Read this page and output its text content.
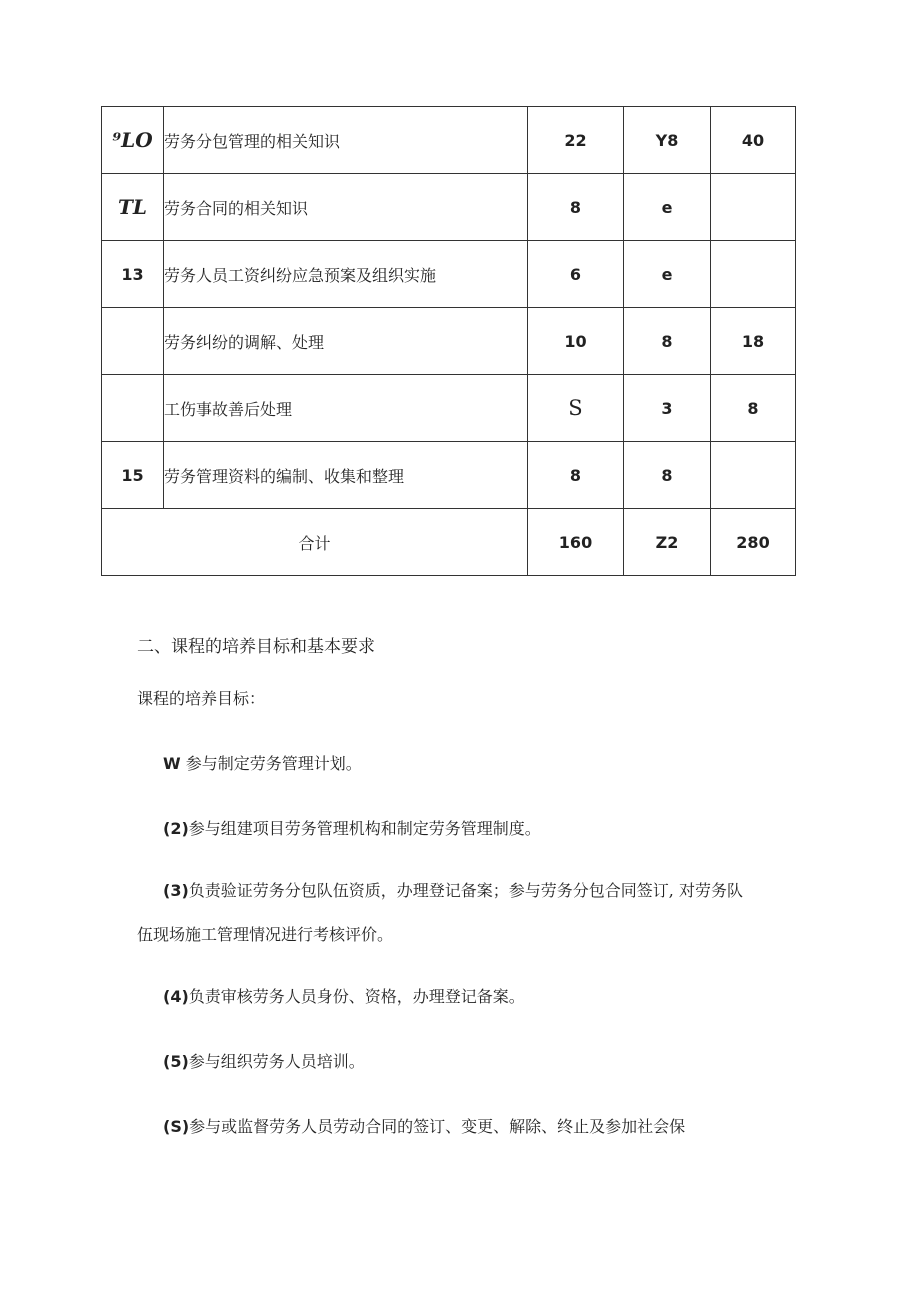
⁹LO	劳务分包管理的相关知识	22	Y8	40
TL	劳务合同的相关知识	8	e	
13	劳务人员工资纠纷应急预案及组织实施	6	e	
	劳务纠纷的调解、处理	10	8	18
	工伤事故善后处理	S	3	8
15	劳务管理资料的编制、收集和整理	8	8	
合计		160	Z2	280
二、课程的培养目标和基本要求
课程的培养目标：
W 参与制定劳务管理计划。
(2)参与组建项目劳务管理机构和制定劳务管理制度。
(3)负责验证劳务分包队伍资质，办理登记备案；参与劳务分包合同签订, 对劳务队
伍现场施工管理情况进行考核评价。
(4)负责审核劳务人员身份、资格，办理登记备案。
(5)参与组织劳务人员培训。
(S)参与或监督劳务人员劳动合同的签订、变更、解除、终止及参加社会保
